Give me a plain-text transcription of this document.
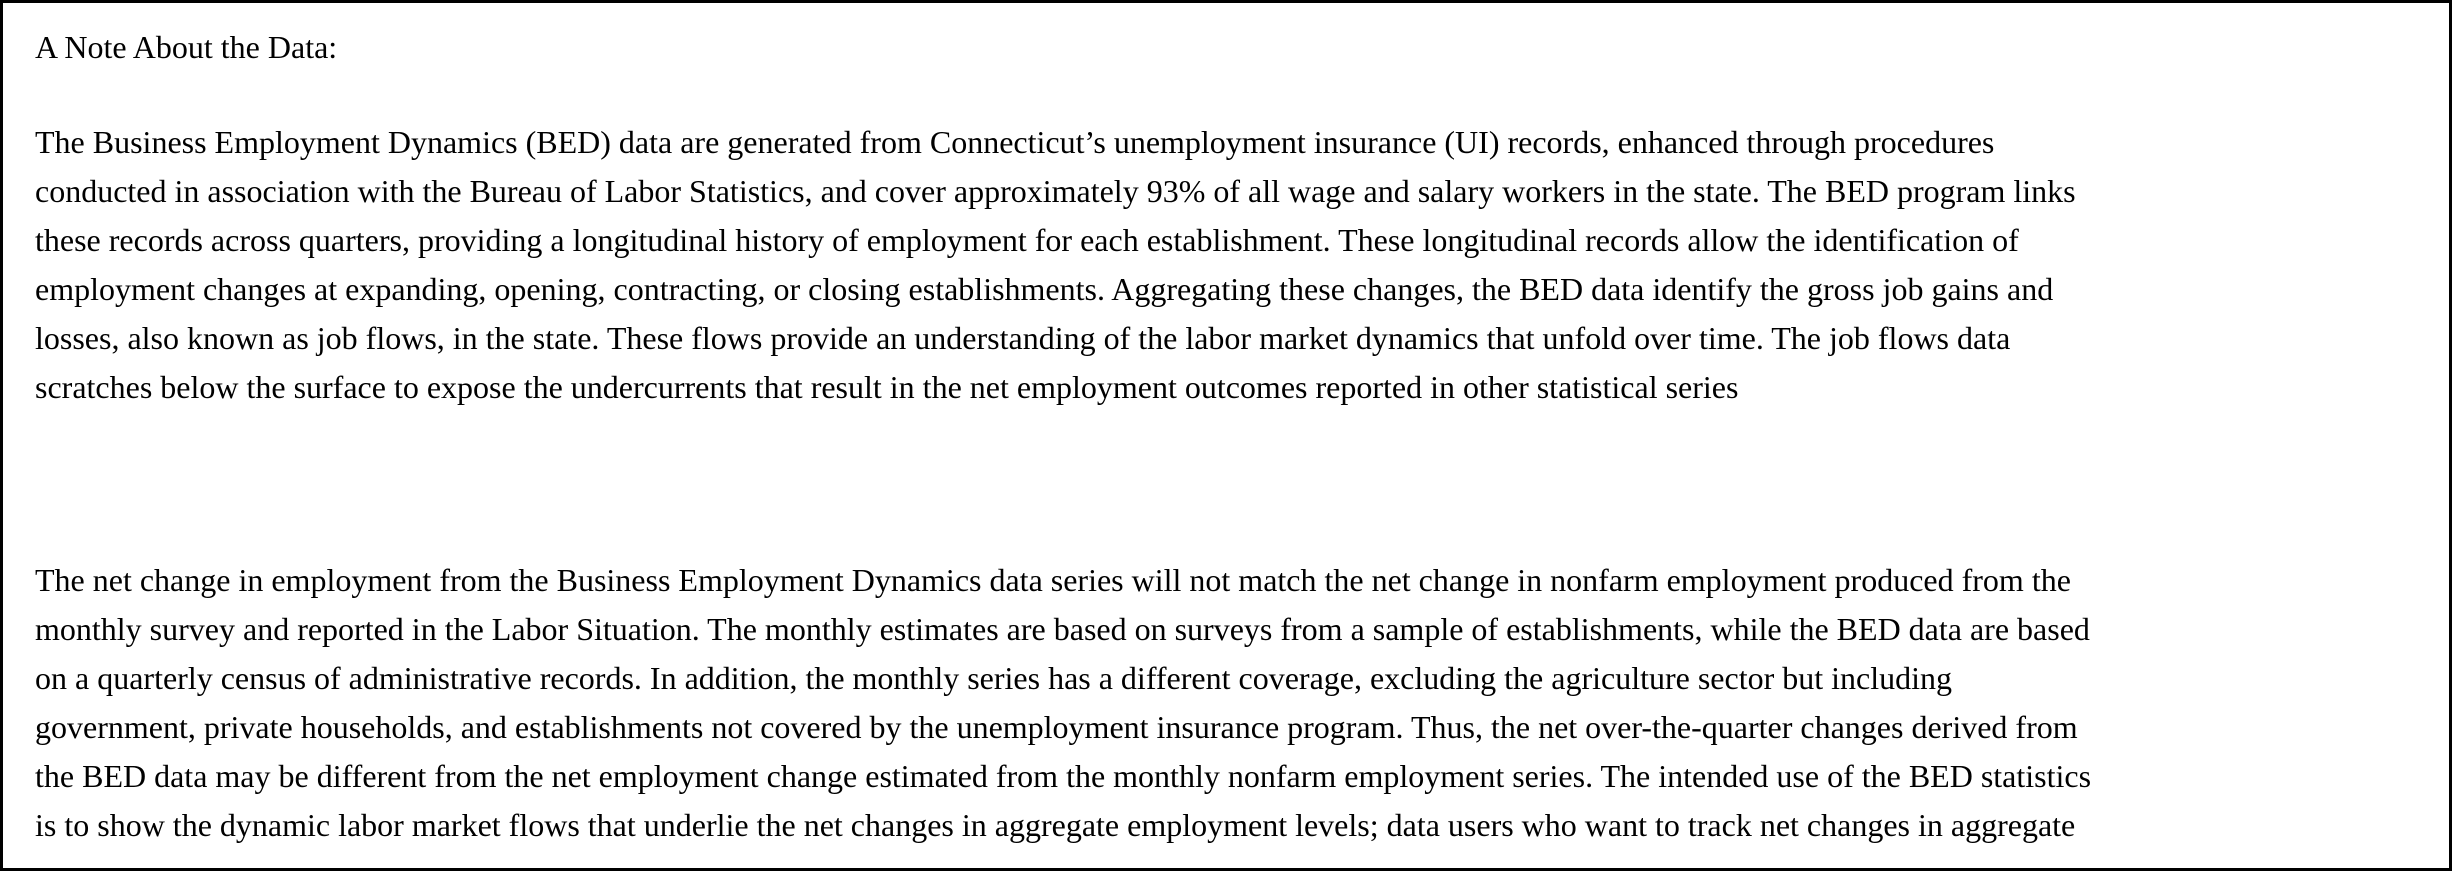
A Note About the Data:

The Business Employment Dynamics (BED) data are generated from Connecticut’s unemployment insurance (UI) records, enhanced through procedures
conducted in association with the Bureau of Labor Statistics, and cover approximately 93% of all wage and salary workers in the state. The BED program links
these records across quarters, providing a longitudinal history of employment for each establishment. These longitudinal records allow the identification of
employment changes at expanding, opening, contracting, or closing establishments. Aggregating these changes, the BED data identify the gross job gains and
losses, also known as job flows, in the state. These flows provide an understanding of the labor market dynamics that unfold over time. The job flows data
scratches below the surface to expose the undercurrents that result in the net employment outcomes reported in other statistical series

The net change in employment from the Business Employment Dynamics data series will not match the net change in nonfarm employment produced from the
monthly survey and reported in the Labor Situation. The monthly estimates are based on surveys from a sample of establishments, while the BED data are based
on a quarterly census of administrative records. In addition, the monthly series has a different coverage, excluding the agriculture sector but including
government, private households, and establishments not covered by the unemployment insurance program. Thus, the net over-the-quarter changes derived from
the BED data may be different from the net employment change estimated from the monthly nonfarm employment series. The intended use of the BED statistics
is to show the dynamic labor market flows that underlie the net changes in aggregate employment levels; data users who want to track net changes in aggregate
